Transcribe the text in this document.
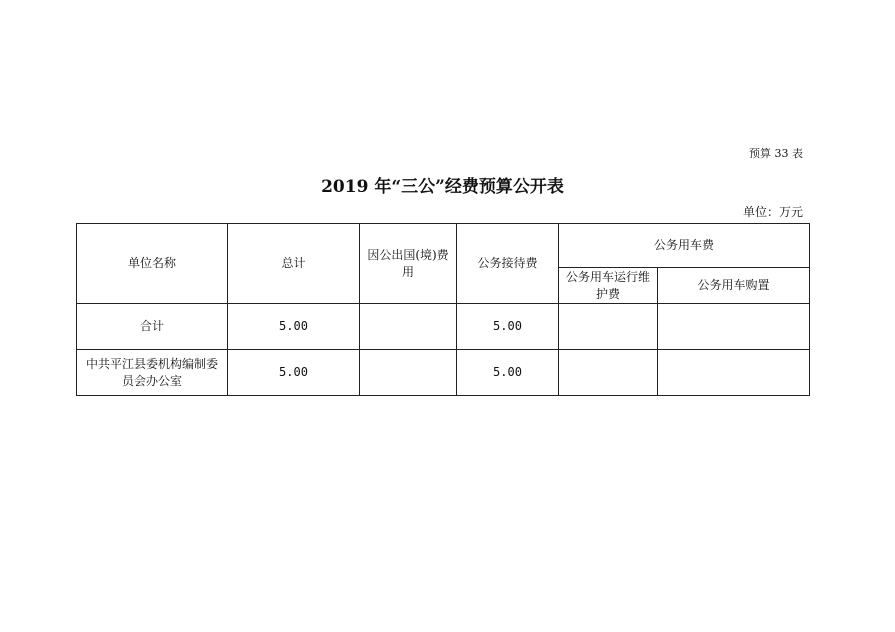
预算 33 表
2019 年“三公”经费预算公开表
单位：万元
单位名称	总计	因公出国(境)费用	公务接待费	公务用车费	
				公务用车运行维护费	公务用车购置
合计	5.00		5.00		
中共平江县委机构编制委员会办公室	5.00		5.00		
